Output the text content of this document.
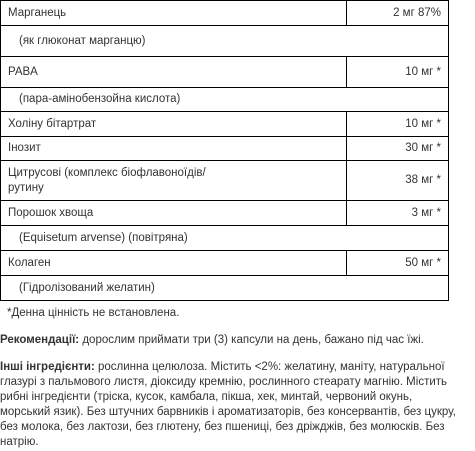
Марганець	2 мг 87%
(як глюконат марганцю)	
PABA	10 мг *
(пара-амінобензойна кислота)	
Холіну бітартрат	10 мг *
Інозит	30 мг *
Цитрусові (комплекс біофлавоноїдів/
рутину	38 мг *
Порошок хвоща	3 мг *
(Equisetum arvense) (повітряна)	
Колаген	50 мг *
(Гідролізований желатин)	
*Денна цінність не встановлена.
Рекомендації: дорослим приймати три (3) капсули на день, бажано під час їжі.
Інші інгредієнти: рослинна целюлоза. Містить <2%: желатину, маніту, натуральної глазурі з пальмового листя, діоксиду кремнію, рослинного стеарату магнію. Містить рибні інгредієнти (тріска, кусок, камбала, пікша, хек, минтай, червоний окунь, морський язик). Без штучних барвників і ароматизаторів, без консервантів, без цукру, без молока, без лактози, без глютену, без пшениці, без дріжджів, без молюсків. Без натрію.
